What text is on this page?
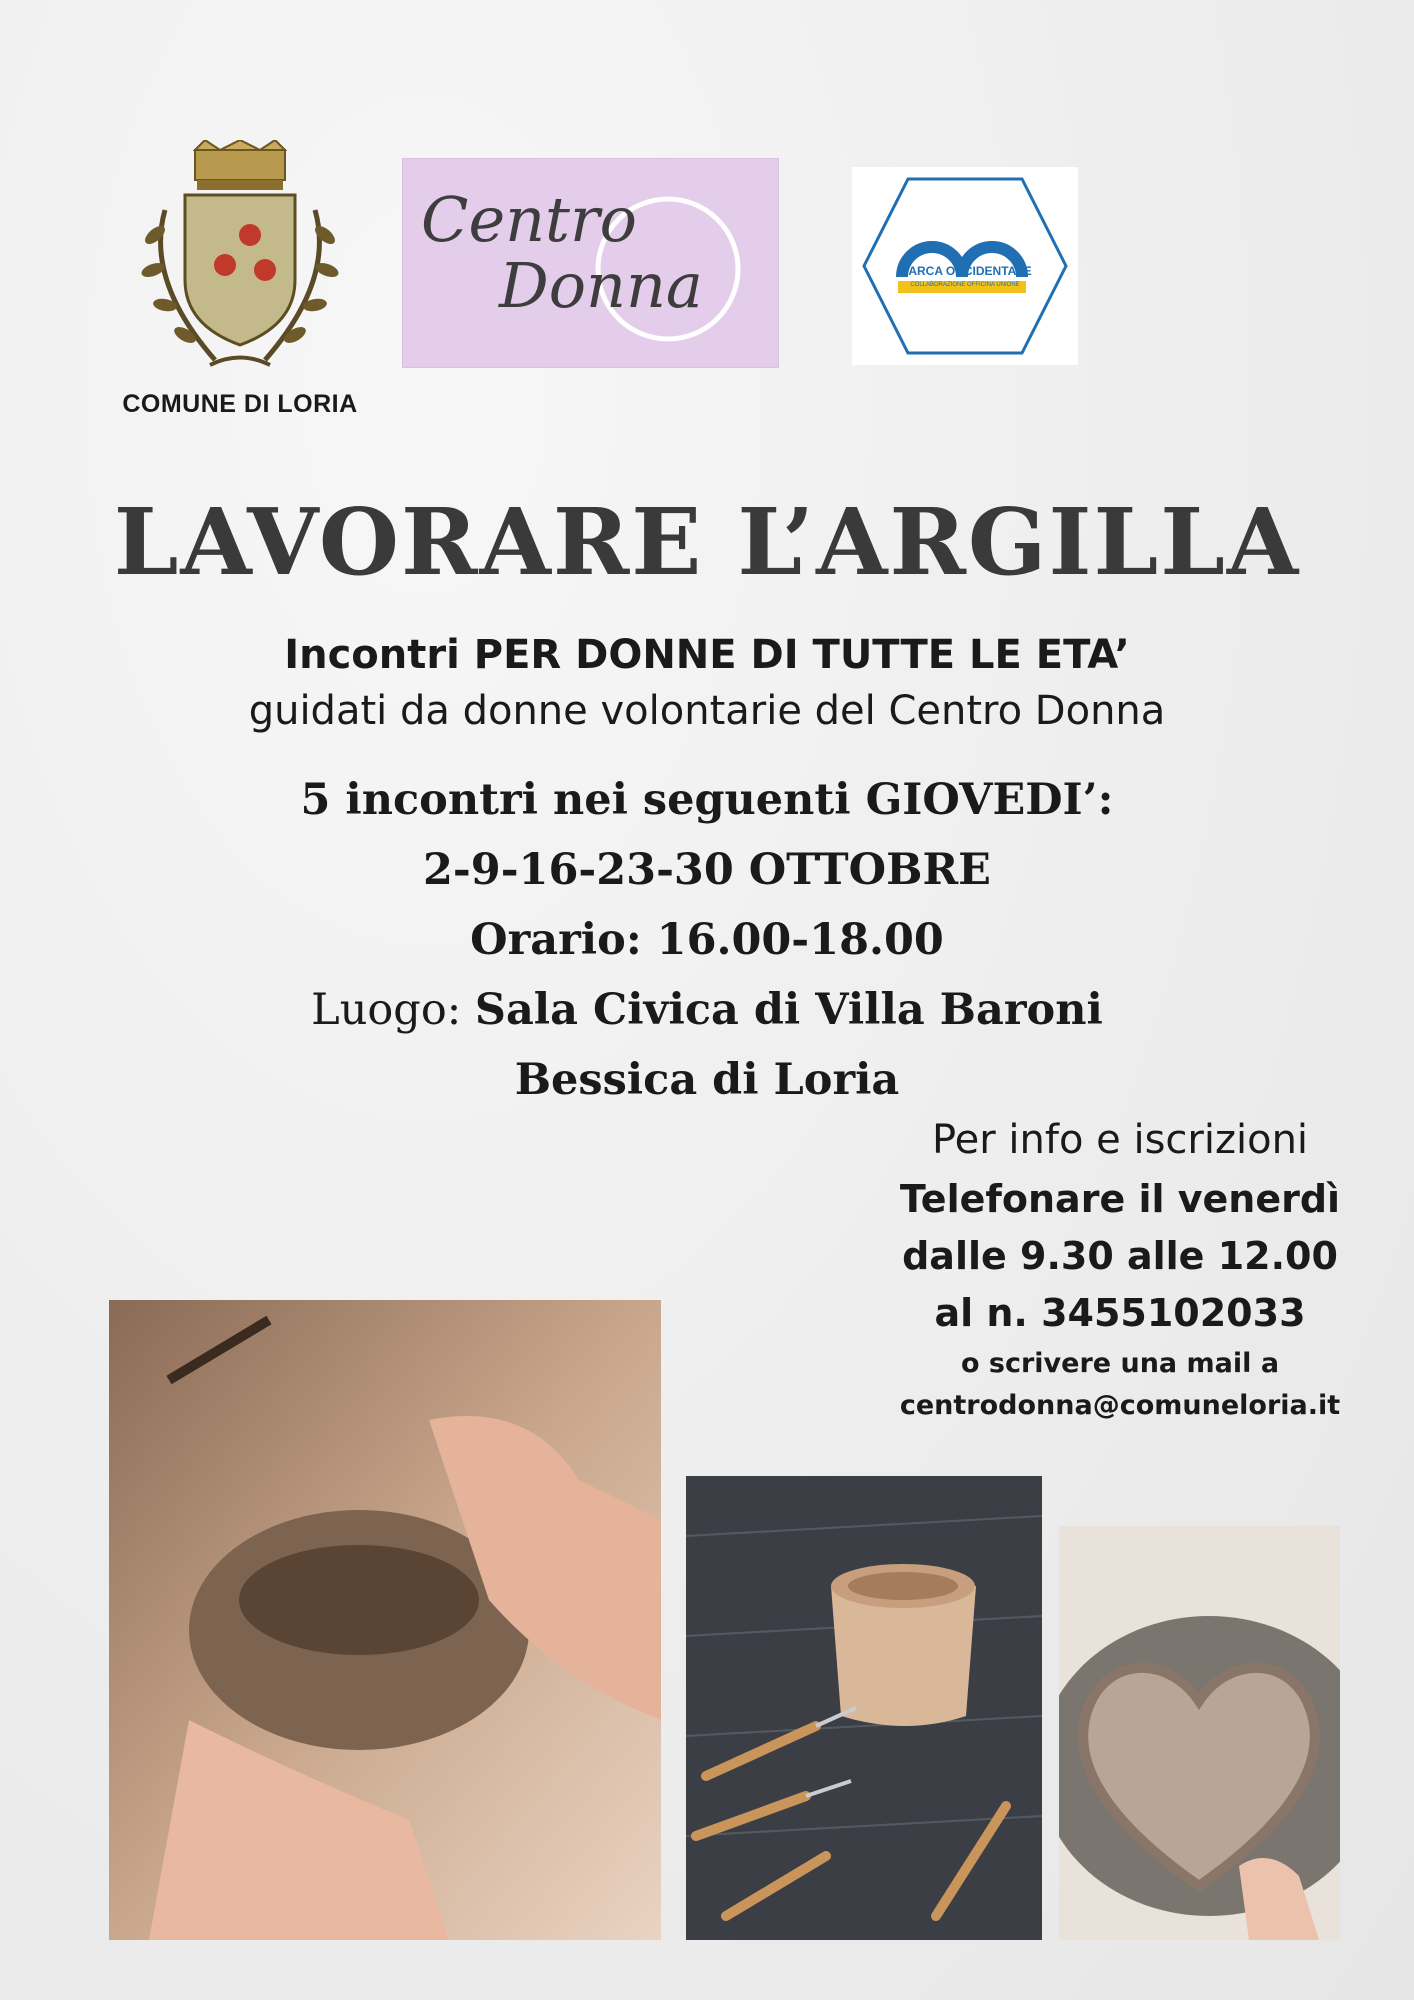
COMUNE DI LORIA
Centro
Donna	MARCA OCCIDENTALE
COLLABORAZIONE OFFICINA UNIONE
LAVORARE L’ARGILLA
Incontri PER DONNE DI TUTTE LE ETA’
guidati da donne volontarie del Centro Donna
5 incontri nei seguenti GIOVEDI’:
2-9-16-23-30 OTTOBRE
Orario: 16.00-18.00
Luogo: Sala Civica di Villa Baroni
Bessica di Loria
Per info e iscrizioni
Telefonare il venerdì
dalle 9.30 alle 12.00
al n. 3455102033
o scrivere una mail a
centrodonna@comuneloria.it
